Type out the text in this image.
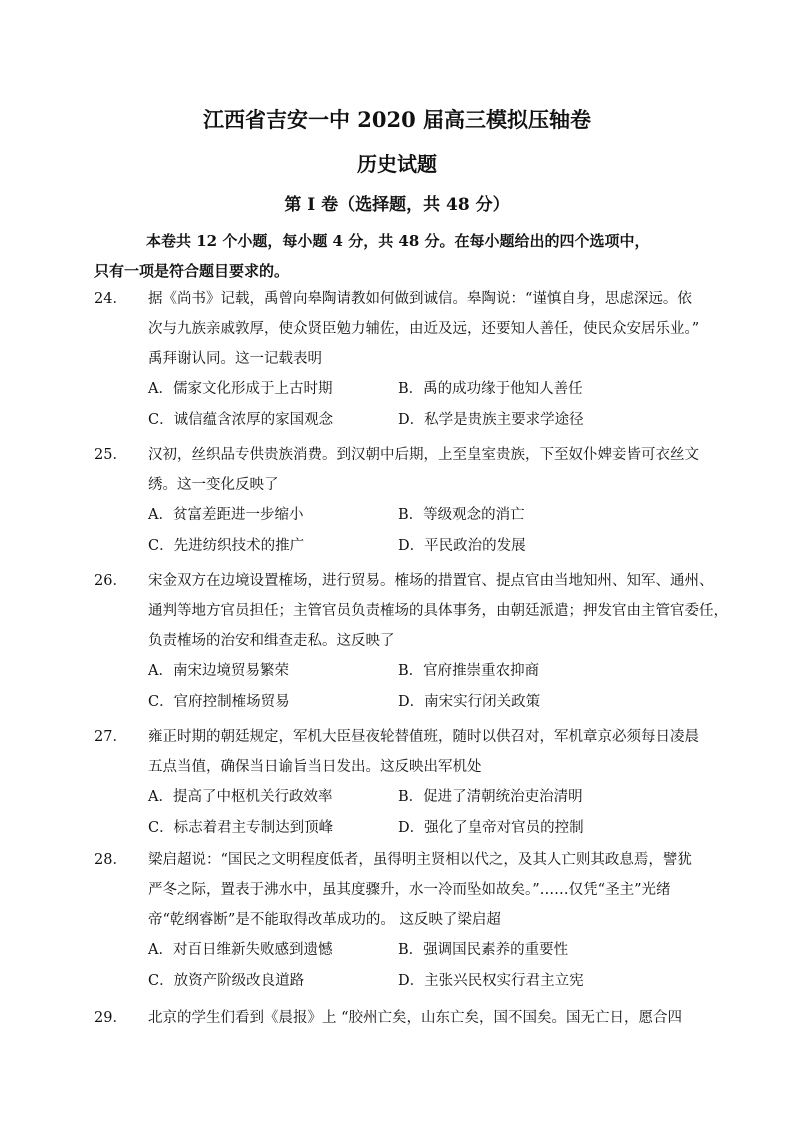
江西省吉安一中 2020 届高三模拟压轴卷
历史试题
第 I 卷（选择题，共 48 分）
本卷共 12 个小题，每小题 4 分，共 48 分。在每小题给出的四个选项中，
只有一项是符合题目要求的。
24． 据《尚书》记载，禹曾向皋陶请教如何做到诚信。皋陶说：“谨慎自身，思虑深远。依
次与九族亲戚敦厚，使众贤臣勉力辅佐，由近及远，还要知人善任，使民众安居乐业。”
禹拜谢认同。这一记载表明
A．儒家文化形成于上古时期	B．禹的成功缘于他知人善任
C．诚信蕴含浓厚的家国观念	D．私学是贵族主要求学途径
25． 汉初，丝织品专供贵族消费。到汉朝中后期，上至皇室贵族，下至奴仆婢妾皆可衣丝文
绣。这一变化反映了
A．贫富差距进一步缩小	B．等级观念的消亡
C．先进纺织技术的推广	D．平民政治的发展
26． 宋金双方在边境设置榷场，进行贸易。榷场的措置官、提点官由当地知州、知军、通州、
通判等地方官员担任；主管官员负责榷场的具体事务，由朝廷派遣；押发官由主管官委任，
负责榷场的治安和缉查走私。这反映了
A．南宋边境贸易繁荣	B．官府推崇重农抑商
C．官府控制榷场贸易	D．南宋实行闭关政策
27． 雍正时期的朝廷规定，军机大臣昼夜轮替值班，随时以供召对，军机章京必须每日凌晨
五点当值，确保当日谕旨当日发出。这反映出军机处
A．提高了中枢机关行政效率	B．促进了清朝统治吏治清明
C．标志着君主专制达到顶峰	D．强化了皇帝对官员的控制
28． 梁启超说：“国民之文明程度低者，虽得明主贤相以代之，及其人亡则其政息焉，譬犹
严冬之际，置表于沸水中，虽其度骤升，水一冷而坠如故矣。”……仅凭“圣主”光绪
帝“乾纲睿断”是不能取得改革成功的。 这反映了梁启超
A．对百日维新失败感到遗憾	B．强调国民素养的重要性
C．放资产阶级改良道路	D．主张兴民权实行君主立宪
29． 北京的学生们看到《晨报》上 “胶州亡矣，山东亡矣，国不国矣。国无亡日，愿合四
